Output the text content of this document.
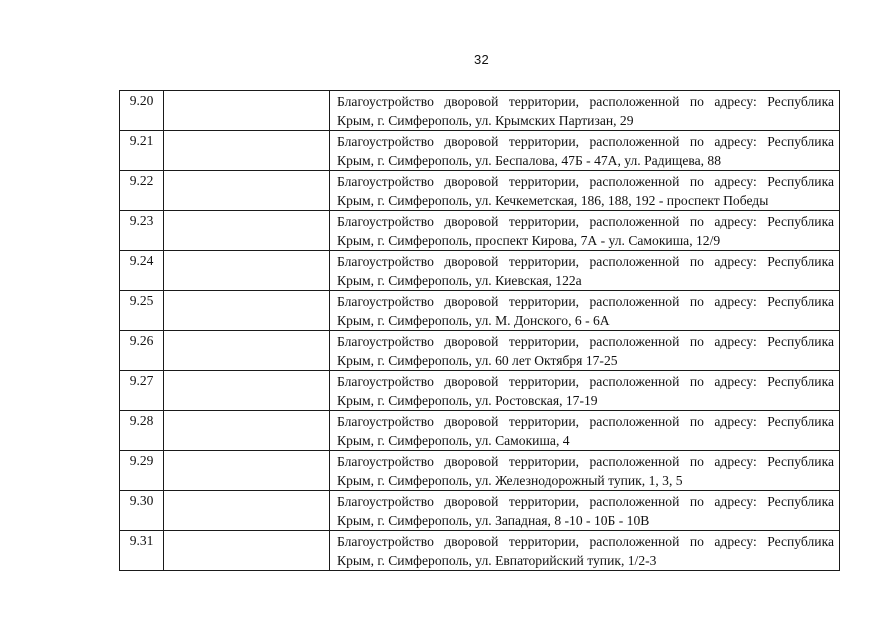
32
9.20		Благоустройство дворовой территории, расположенной по адресу: Республика
Крым, г. Симферополь, ул. Крымских Партизан, 29

9.21		Благоустройство дворовой территории, расположенной по адресу: Республика
Крым, г. Симферополь, ул. Беспалова, 47Б - 47А, ул. Радищева, 88

9.22		Благоустройство дворовой территории, расположенной по адресу: Республика
Крым, г. Симферополь, ул. Кечкеметская, 186, 188, 192 - проспект Победы

9.23		Благоустройство дворовой территории, расположенной по адресу: Республика
Крым, г. Симферополь, проспект Кирова, 7А - ул. Самокиша, 12/9

9.24		Благоустройство дворовой территории, расположенной по адресу: Республика
Крым, г. Симферополь, ул. Киевская, 122а

9.25		Благоустройство дворовой территории, расположенной по адресу: Республика
Крым, г. Симферополь, ул. М. Донского, 6 - 6А

9.26		Благоустройство дворовой территории, расположенной по адресу: Республика
Крым, г. Симферополь, ул. 60 лет Октября 17-25

9.27		Благоустройство дворовой территории, расположенной по адресу: Республика
Крым, г. Симферополь, ул. Ростовская, 17-19

9.28		Благоустройство дворовой территории, расположенной по адресу: Республика
Крым, г. Симферополь, ул. Самокиша, 4

9.29		Благоустройство дворовой территории, расположенной по адресу: Республика
Крым, г. Симферополь, ул. Железнодорожный тупик, 1, 3, 5

9.30		Благоустройство дворовой территории, расположенной по адресу: Республика
Крым, г. Симферополь, ул. Западная, 8 -10 - 10Б - 10В

9.31		Благоустройство дворовой территории, расположенной по адресу: Республика
Крым, г. Симферополь, ул. Евпаторийский тупик, 1/2-3
